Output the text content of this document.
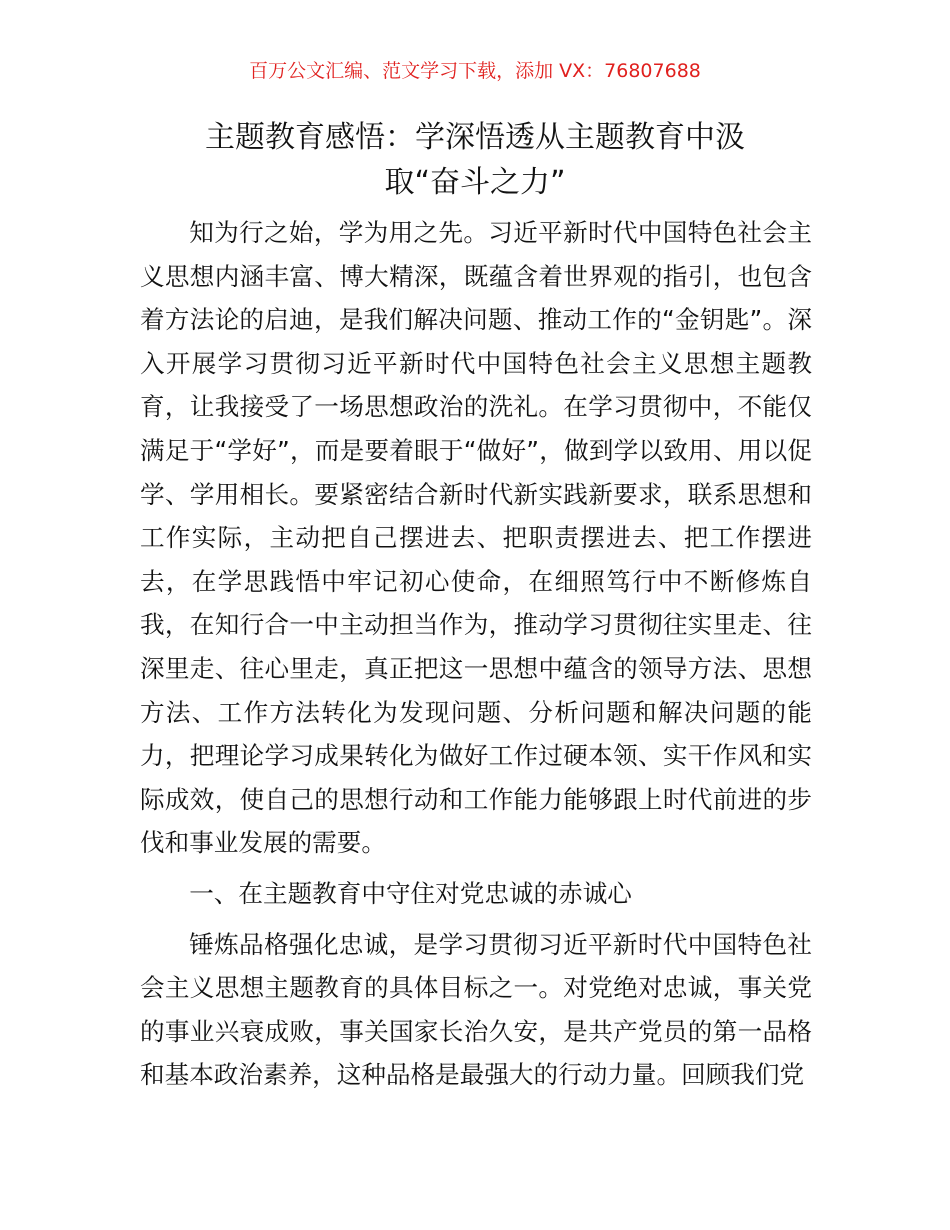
百万公文汇编、范文学习下载，添加 VX：76807688
主题教育感悟：学深悟透从主题教育中汲
取“奋斗之力”

知为行之始，学为用之先。习近平新时代中国特色社会主义思想内涵丰富、博大精深，既蕴含着世界观的指引，也包含着方法论的启迪，是我们解决问题、推动工作的“金钥匙”。深入开展学习贯彻习近平新时代中国特色社会主义思想主题教育，让我接受了一场思想政治的洗礼。在学习贯彻中，不能仅满足于“学好”，而是要着眼于“做好”，做到学以致用、用以促学、学用相长。要紧密结合新时代新实践新要求，联系思想和工作实际，主动把自己摆进去、把职责摆进去、把工作摆进去，在学思践悟中牢记初心使命，在细照笃行中不断修炼自我，在知行合一中主动担当作为，推动学习贯彻往实里走、往深里走、往心里走，真正把这一思想中蕴含的领导方法、思想方法、工作方法转化为发现问题、分析问题和解决问题的能力，把理论学习成果转化为做好工作过硬本领、实干作风和实际成效，使自己的思想行动和工作能力能够跟上时代前进的步伐和事业发展的需要。

一、在主题教育中守住对党忠诚的赤诚心

锤炼品格强化忠诚，是学习贯彻习近平新时代中国特色社会主义思想主题教育的具体目标之一。对党绝对忠诚，事关党的事业兴衰成败，事关国家长治久安，是共产党员的第一品格和基本政治素养，这种品格是最强大的行动力量。回顾我们党
